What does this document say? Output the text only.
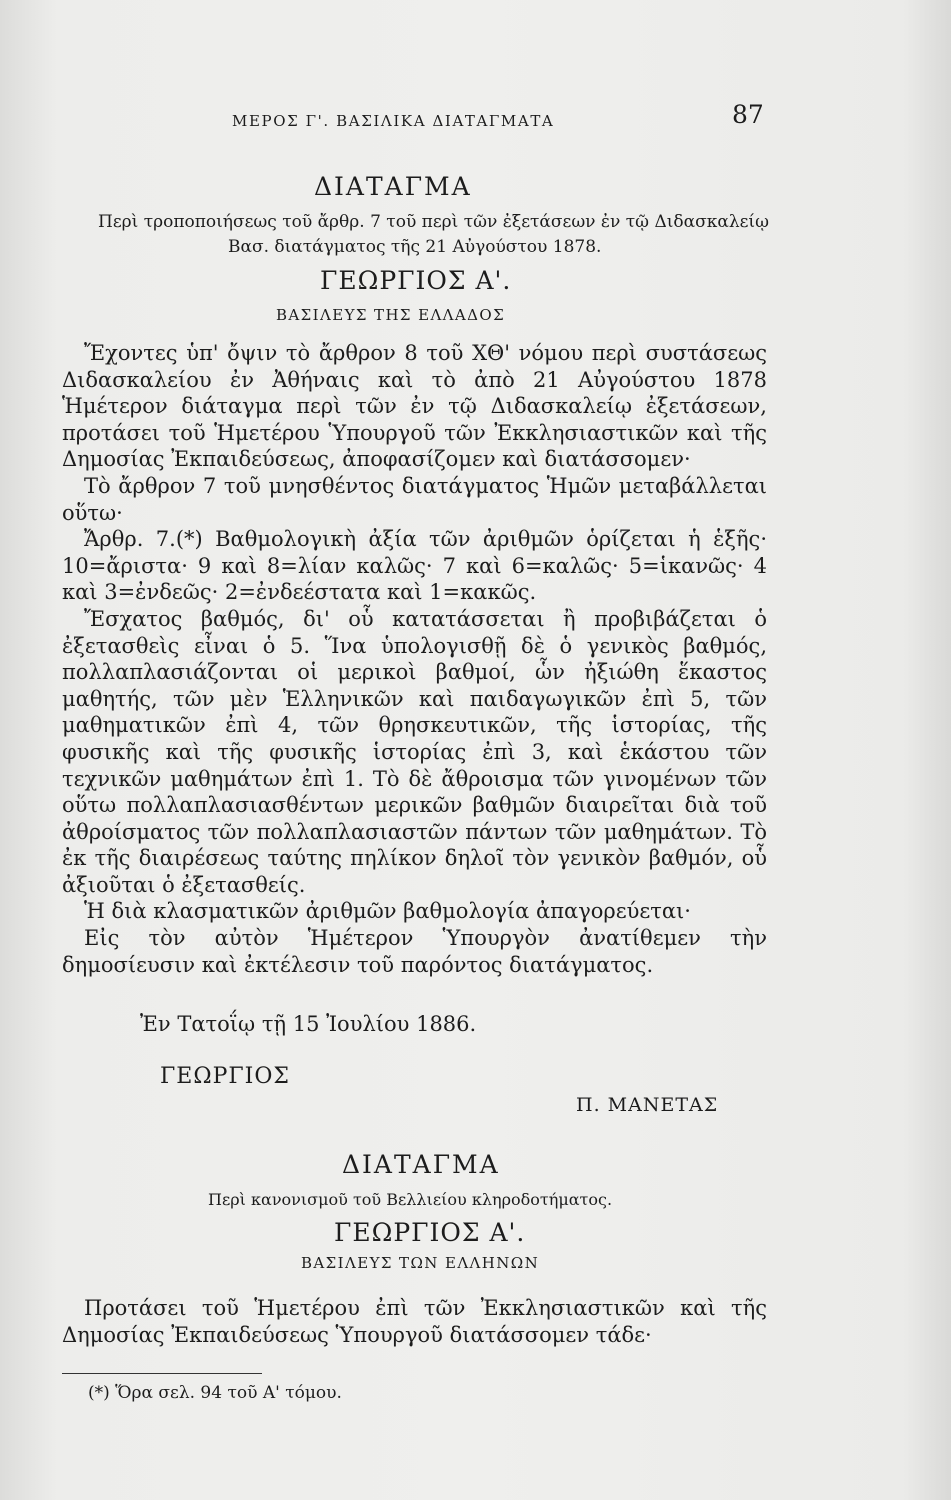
ΜΕΡΟΣ Γ'. ΒΑΣΙΛΙΚΑ ΔΙΑΤΑΓΜΑΤΑ	87
ΔΙΑΤΑΓΜΑ
Περὶ τροποποιήσεως τοῦ ἄρθρ. 7 τοῦ περὶ τῶν ἐξετάσεων ἐν τῷ Διδασκαλείῳ
Βασ. διατάγματος τῆς 21 Αὐγούστου 1878.
ΓΕΩΡΓΙΟΣ Α'.
ΒΑΣΙΛΕΥΣ ΤΗΣ ΕΛΛΑΔΟΣ

Ἔχοντες ὑπ' ὄψιν τὸ ἄρθρον 8 τοῦ ΧΘ' νόμου περὶ συστάσεως Διδασκαλείου ἐν Ἀθήναις καὶ τὸ ἀπὸ 21 Αὐγούστου 1878 Ἡμέτερον διάταγμα περὶ τῶν ἐν τῷ Διδασκαλείῳ ἐξετάσεων, προτάσει τοῦ Ἡμετέρου Ὑπουργοῦ τῶν Ἐκκλησιαστικῶν καὶ τῆς Δημοσίας Ἐκπαιδεύσεως, ἀποφασίζομεν καὶ διατάσσομεν·

Τὸ ἄρθρον 7 τοῦ μνησθέντος διατάγματος Ἡμῶν μεταβάλλεται οὕτω·

Ἄρθρ. 7.(*) Βαθμολογικὴ ἀξία τῶν ἀριθμῶν ὁρίζεται ἡ ἑξῆς· 10=ἄριστα· 9 καὶ 8=λίαν καλῶς· 7 καὶ 6=καλῶς· 5=ἱκανῶς· 4 καὶ 3=ἐνδεῶς· 2=ἐνδεέστατα καὶ 1=κακῶς.

Ἔσχατος βαθμός, δι' οὗ κατατάσσεται ἢ προβιβάζεται ὁ ἐξετασθεὶς εἶναι ὁ 5. Ἵνα ὑπολογισθῇ δὲ ὁ γενικὸς βαθμός, πολλαπλασιάζονται οἱ μερικοὶ βαθμοί, ὧν ἠξιώθη ἕκαστος μαθητής, τῶν μὲν Ἑλληνικῶν καὶ παιδαγωγικῶν ἐπὶ 5, τῶν μαθηματικῶν ἐπὶ 4, τῶν θρησκευτικῶν, τῆς ἱστορίας, τῆς φυσικῆς καὶ τῆς φυσικῆς ἱστορίας ἐπὶ 3, καὶ ἑκάστου τῶν τεχνικῶν μαθημάτων ἐπὶ 1. Τὸ δὲ ἄθροισμα τῶν γινομένων τῶν οὕτω πολλαπλασιασθέντων μερικῶν βαθμῶν διαιρεῖται διὰ τοῦ ἀθροίσματος τῶν πολλαπλασιαστῶν πάντων τῶν μαθημάτων. Τὸ ἐκ τῆς διαιρέσεως ταύτης πηλίκον δηλοῖ τὸν γενικὸν βαθμόν, οὗ ἀξιοῦται ὁ ἐξετασθείς.

Ἡ διὰ κλασματικῶν ἀριθμῶν βαθμολογία ἀπαγορεύεται·

Εἰς τὸν αὐτὸν Ἡμέτερον Ὑπουργὸν ἀνατίθεμεν τὴν δημοσίευσιν καὶ ἐκτέλεσιν τοῦ παρόντος διατάγματος.

Ἐν Τατοΐῳ τῇ 15 Ἰουλίου 1886.
ΓΕΩΡΓΙΟΣ
Π. ΜΑΝΕΤΑΣ
ΔΙΑΤΑΓΜΑ
Περὶ κανονισμοῦ τοῦ Βελλιείου κληροδοτήματος.
ΓΕΩΡΓΙΟΣ Α'.
ΒΑΣΙΛΕΥΣ ΤΩΝ ΕΛΛΗΝΩΝ

Προτάσει τοῦ Ἡμετέρου ἐπὶ τῶν Ἐκκλησιαστικῶν καὶ τῆς Δημοσίας Ἐκπαιδεύσεως Ὑπουργοῦ διατάσσομεν τάδε·

(*) Ὅρα σελ. 94 τοῦ Α' τόμου.
